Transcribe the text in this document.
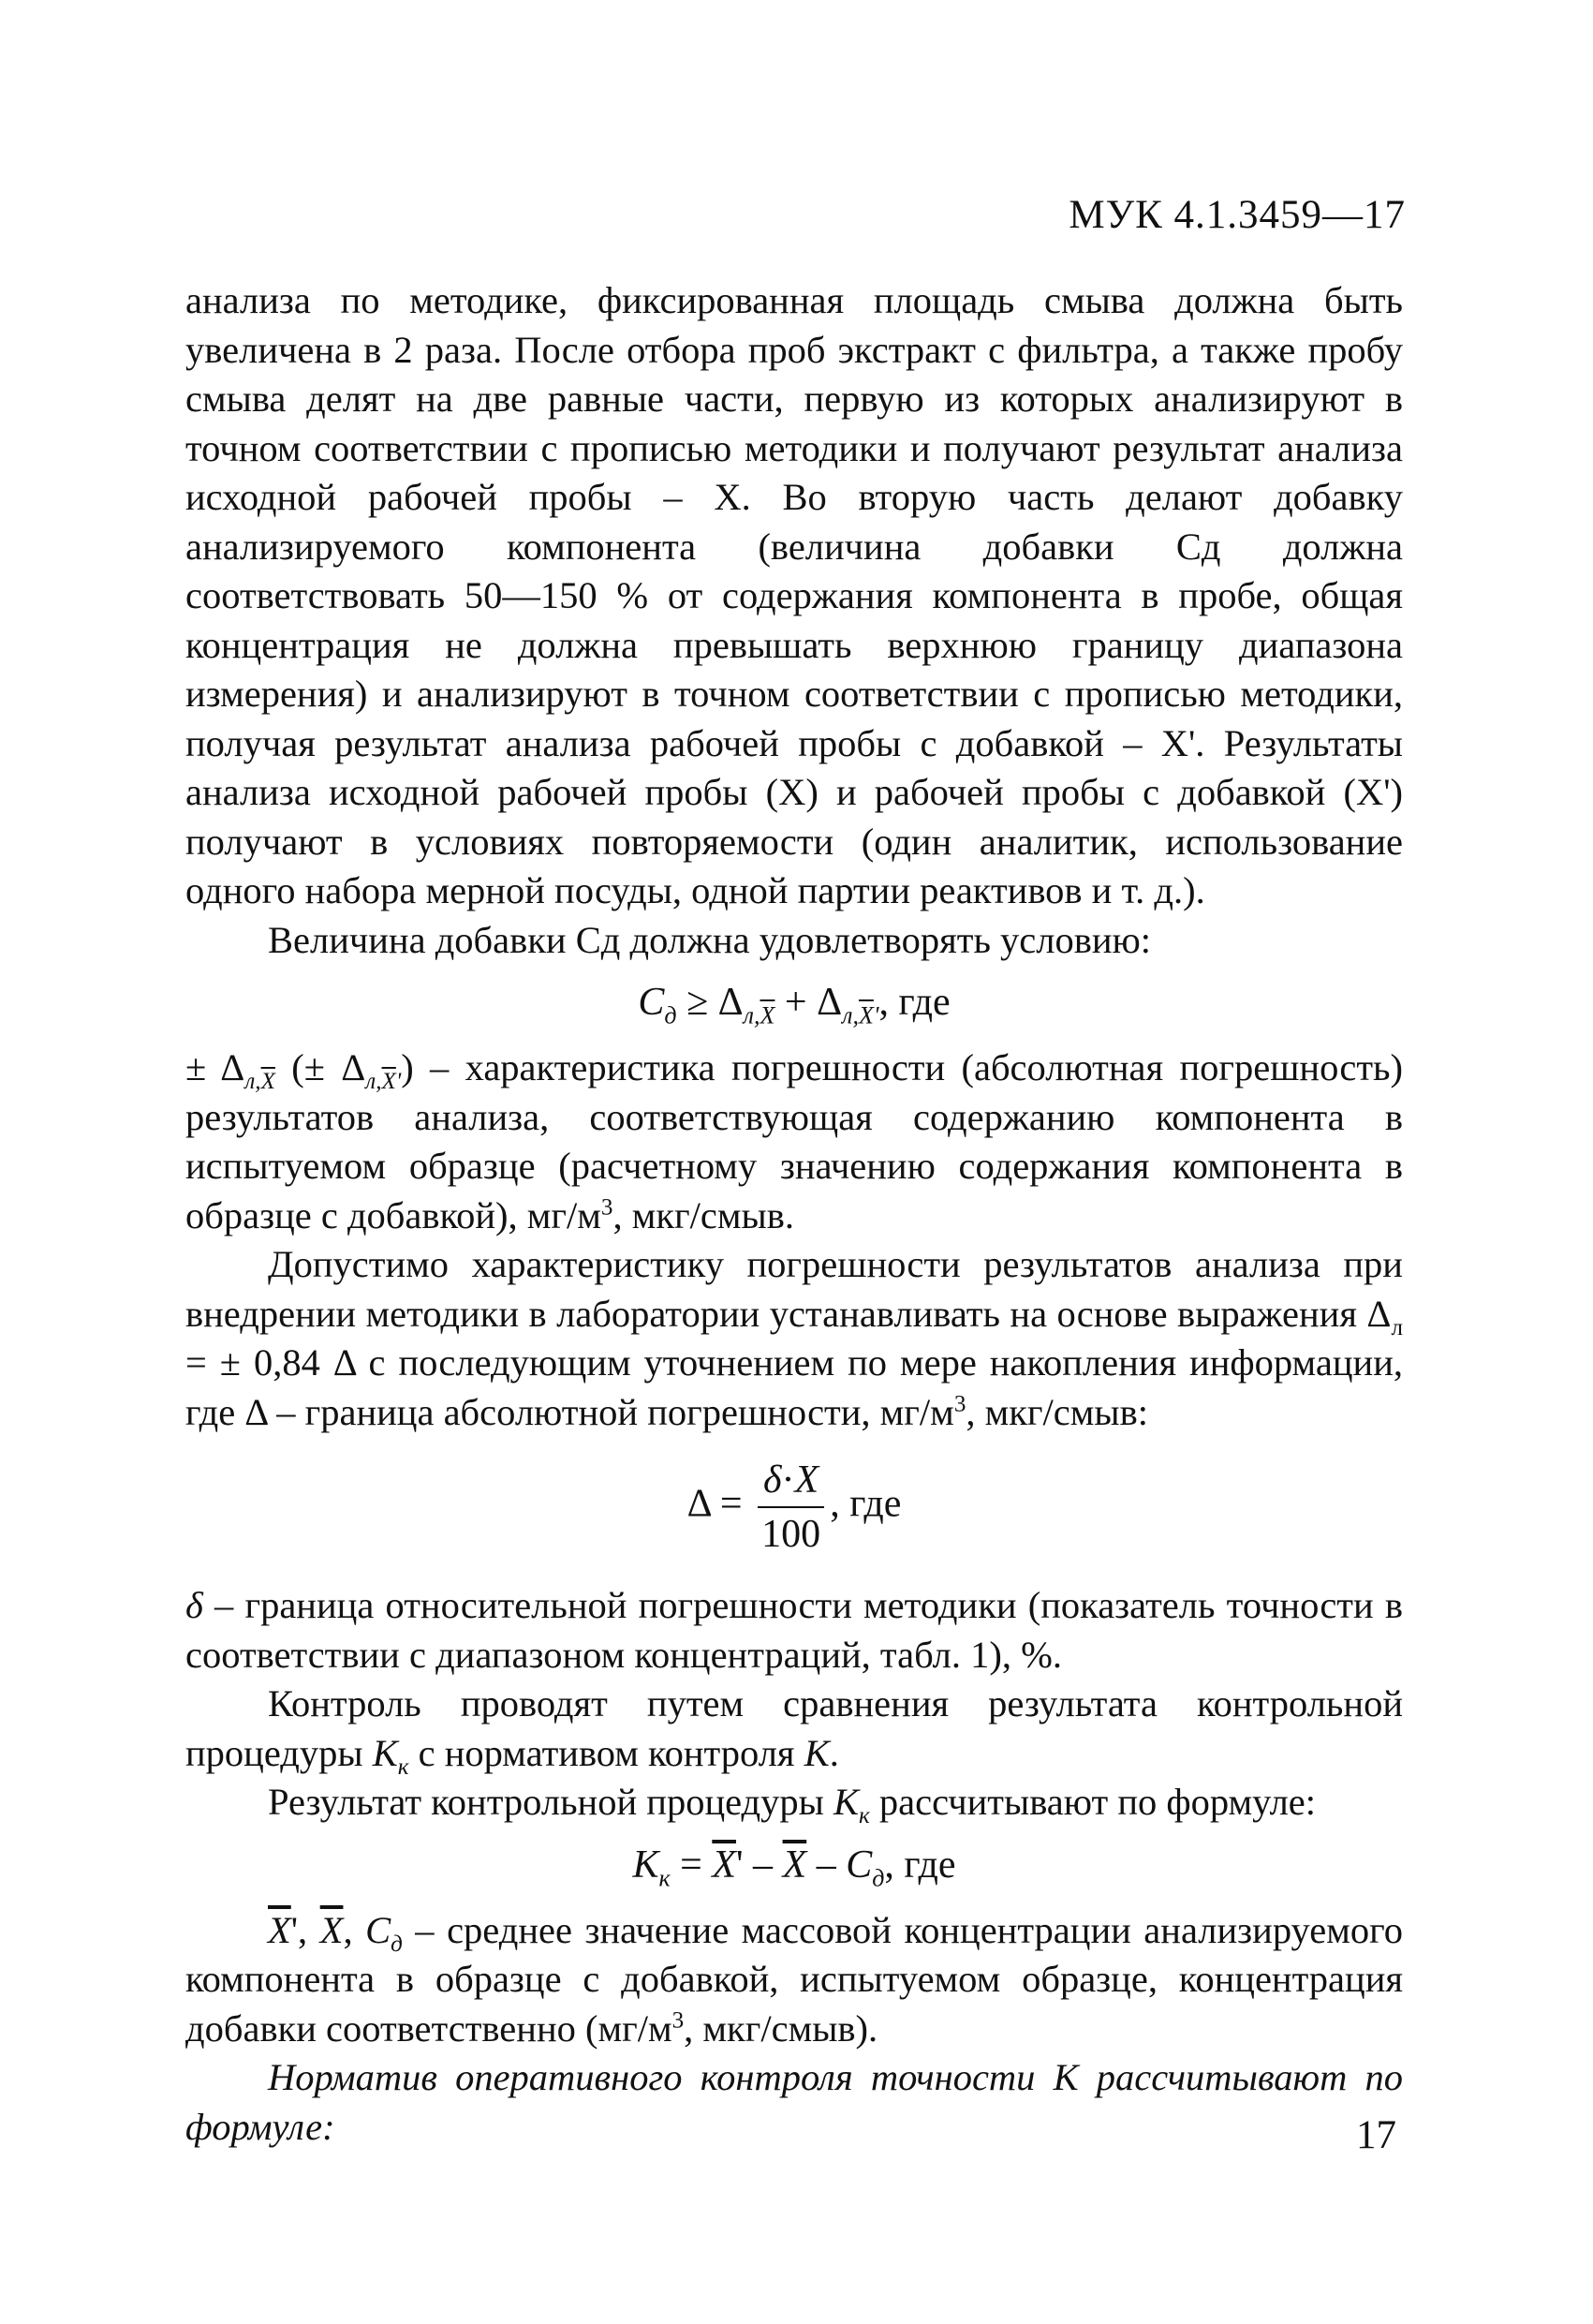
МУК 4.1.3459—17

анализа по методике, фиксированная площадь смыва должна быть увеличена в 2 раза. После отбора проб экстракт с фильтра, а также пробу смыва делят на две равные части, первую из которых анализируют в точном соответствии с прописью методики и получают результат анализа исходной рабочей пробы – X. Во вторую часть делают добавку анализируемого компонента (величина добавки Cд должна соответствовать 50—150 % от содержания компонента в пробе, общая концентрация не должна превышать верхнюю границу диапазона измерения) и анализируют в точном соответствии с прописью методики, получая результат анализа рабочей пробы с добавкой – X'. Результаты анализа исходной рабочей пробы (X) и рабочей пробы с добавкой (X') получают в условиях повторяемости (один аналитик, использование одного набора мерной посуды, одной партии реактивов и т. д.).

Величина добавки Cд должна удовлетворять условию:

$C_д \ge \Delta_{л,\overline{X}} + \Delta_{л,\overline{X}'}$, где

± $\Delta_{л,\overline{X}}$ (± $\Delta_{л,\overline{X}'}$) – характеристика погрешности (абсолютная погрешность) результатов анализа, соответствующая содержанию компонента в испытуемом образце (расчетному значению содержания компонента в образце с добавкой), $мг/м^3$, мкг/смыв.

Допустимо характеристику погрешности результатов анализа при внедрении методики в лаборатории устанавливать на основе выражения $\Delta_л$ = ± 0,84 Δ с последующим уточнением по мере накопления информации, где Δ – граница абсолютной погрешности, $мг/м^3$, мкг/смыв:

$\Delta = \frac{\delta\cdot X}{100}$ , где

δ – граница относительной погрешности методики (показатель точности в соответствии с диапазоном концентраций, табл. 1), %.

Контроль проводят путем сравнения результата контрольной процедуры $K_к$ с нормативом контроля K.

Результат контрольной процедуры $K_к$ рассчитывают по формуле:

$K_к = \overline{X}' - \overline{X} - C_д$, где

$\overline{X}'$, $\overline{X}$, $C_д$ – среднее значение массовой концентрации анализируемого компонента в образце с добавкой, испытуемом образце, концентрация добавки соответственно ($мг/м^3$, мкг/смыв).

Норматив оперативного контроля точности K рассчитывают по формуле:	17
